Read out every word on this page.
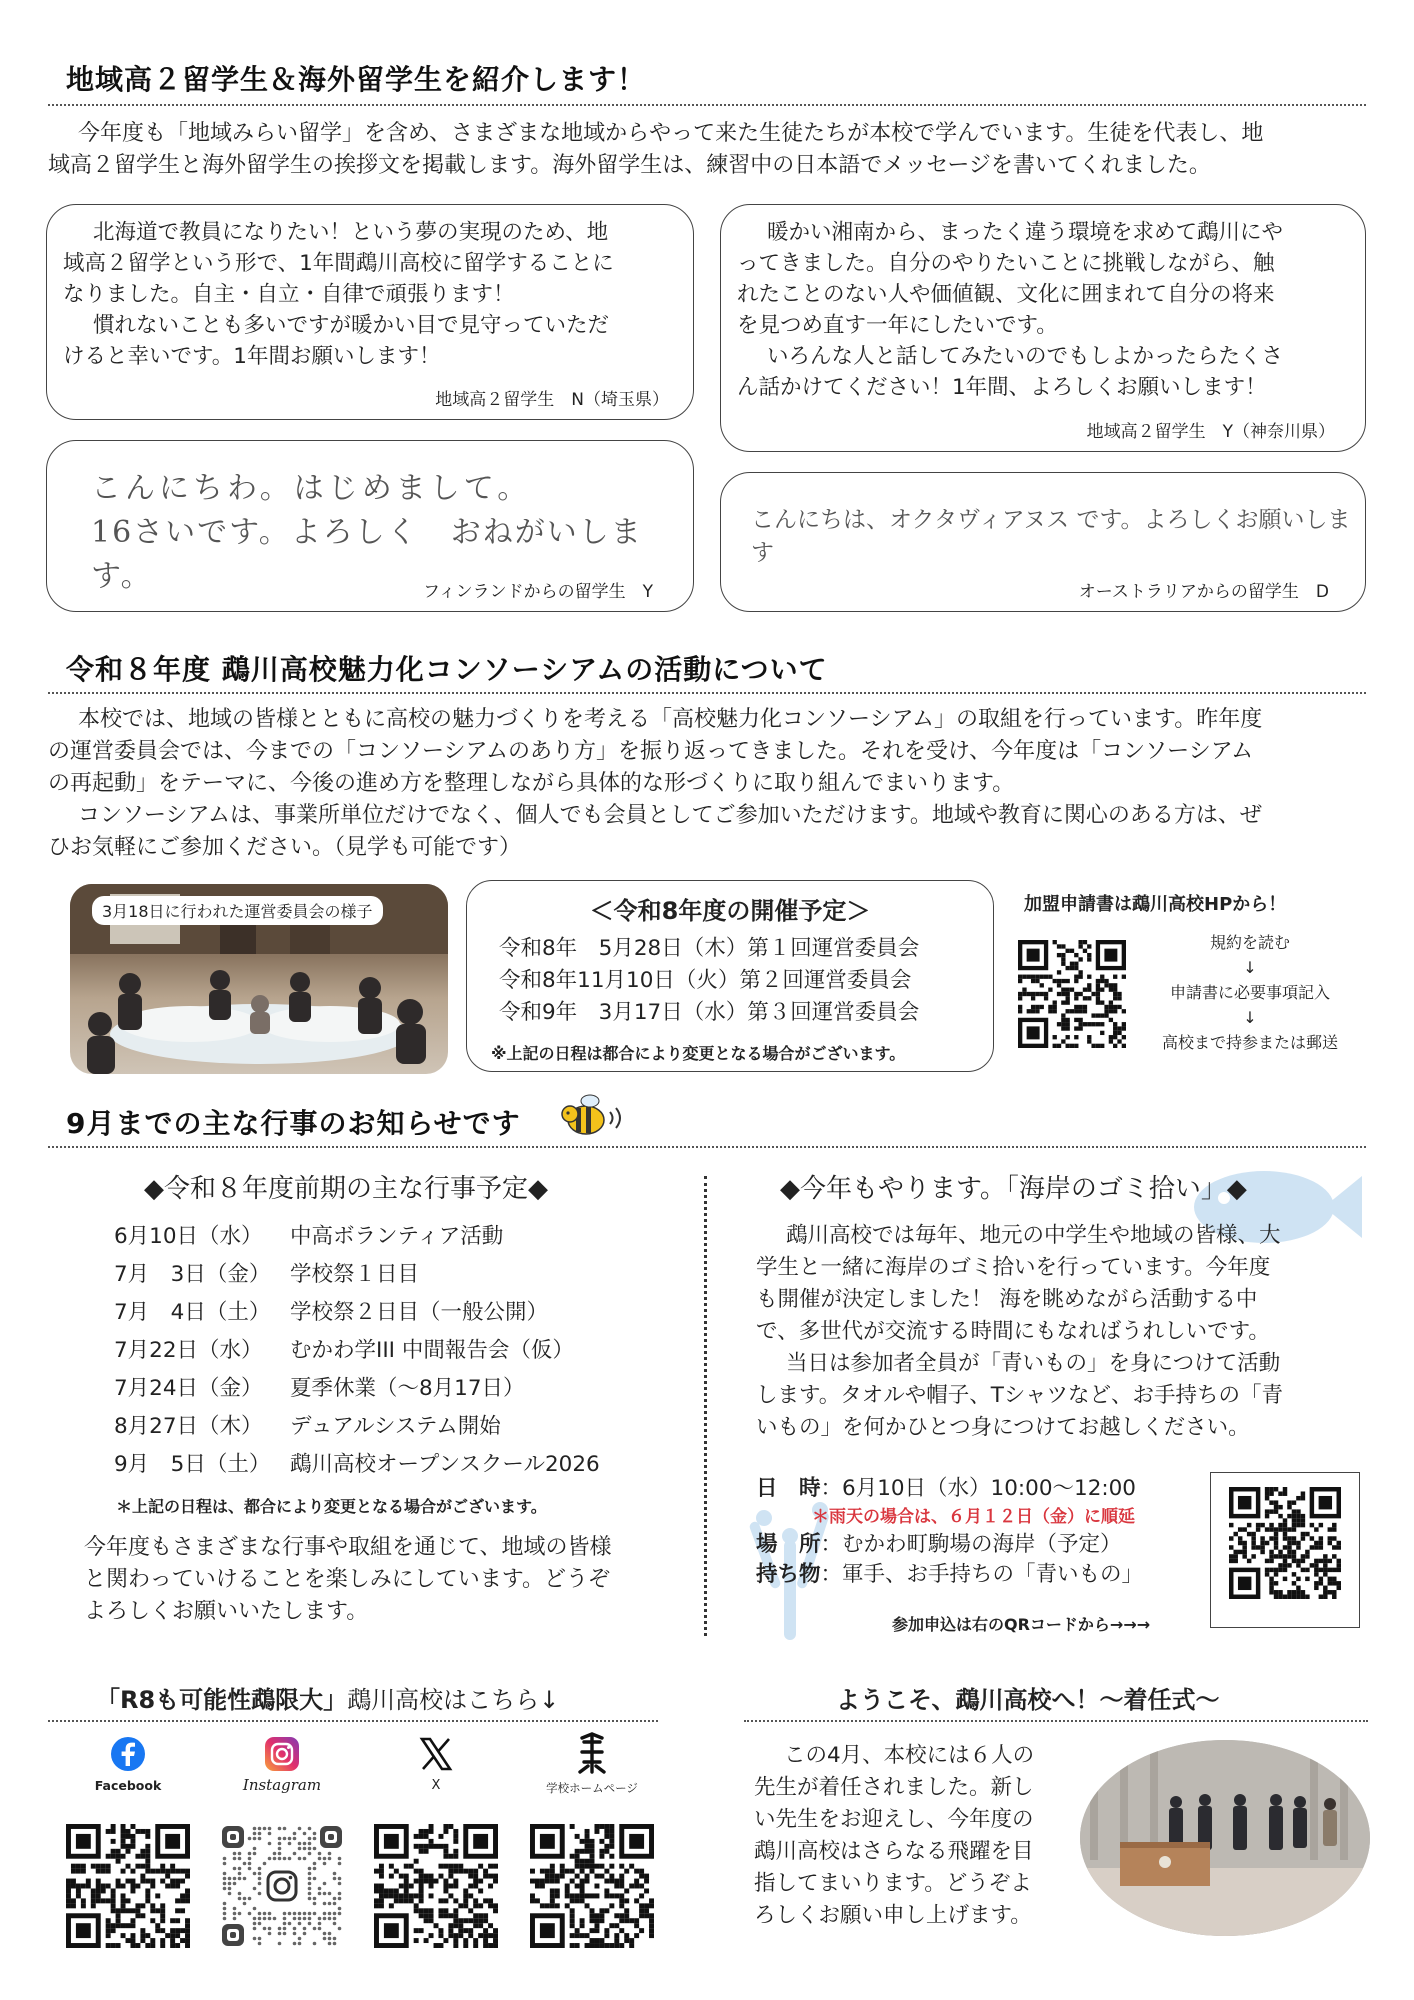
地域高２留学生＆海外留学生を紹介します！
今年度も「地域みらい留学」を含め、さまざまな地域からやって来た生徒たちが本校で学んでいます。生徒を代表し、地
域高２留学生と海外留学生の挨拶文を掲載します。海外留学生は、練習中の日本語でメッセージを書いてくれました。
北海道で教員になりたい！という夢の実現のため、地
域高２留学という形で、1年間鵡川高校に留学することに
なりました。自主・自立・自律で頑張ります！
慣れないことも多いですが暖かい目で見守っていただ
けると幸いです。1年間お願いします！
地域高２留学生　N（埼玉県）
暖かい湘南から、まったく違う環境を求めて鵡川にや
ってきました。自分のやりたいことに挑戦しながら、触
れたことのない人や価値観、文化に囲まれて自分の将来
を見つめ直す一年にしたいです。
いろんな人と話してみたいのでもしよかったらたくさ
ん話かけてください！1年間、よろしくお願いします！
地域高２留学生　Y（神奈川県）
こんにちわ。はじめまして。
16さいです。よろしく　おねがいします。	フィンランドからの留学生　Y
こんにちは、オクタヴィアヌス です。よろしくお願いします
オーストラリアからの留学生　D
令和８年度 鵡川高校魅力化コンソーシアムの活動について
本校では、地域の皆様とともに高校の魅力づくりを考える「高校魅力化コンソーシアム」の取組を行っています。昨年度
の運営委員会では、今までの「コンソーシアムのあり方」を振り返ってきました。それを受け、今年度は「コンソーシアム
の再起動」をテーマに、今後の進め方を整理しながら具体的な形づくりに取り組んでまいります。
コンソーシアムは、事業所単位だけでなく、個人でも会員としてご参加いただけます。地域や教育に関心のある方は、ぜ
ひお気軽にご参加ください。（見学も可能です）
3月18日に行われた運営委員会の様子	＜令和8年度の開催予定＞
令和8年　5月28日（木）第１回運営委員会
令和8年11月10日（火）第２回運営委員会
令和9年　3月17日（水）第３回運営委員会
※上記の日程は都合により変更となる場合がございます。
加盟申請書は鵡川高校HPから！
規約を読む
↓
申請書に必要事項記入
↓
高校まで持参または郵送
9月までの主な行事のお知らせです
◆令和８年度前期の主な行事予定◆
6月10日（水） 中高ボランティア活動
7月　3日（金） 学校祭１日目
7月　4日（土） 学校祭２日目（一般公開）
7月22日（水） むかわ学III 中間報告会（仮）
7月24日（金） 夏季休業（～8月17日）
8月27日（木） デュアルシステム開始
9月　5日（土） 鵡川高校オープンスクール2026
＊上記の日程は、都合により変更となる場合がございます。
今年度もさまざまな行事や取組を通じて、地域の皆様
と関わっていけることを楽しみにしています。どうぞ
よろしくお願いいたします。
◆今年もやります。「海岸のゴミ拾い」◆
鵡川高校では毎年、地元の中学生や地域の皆様、大
学生と一緒に海岸のゴミ拾いを行っています。今年度
も開催が決定しました！ 海を眺めながら活動する中
で、多世代が交流する時間にもなればうれしいです。
当日は参加者全員が「青いもの」を身につけて活動
します。タオルや帽子、Tシャツなど、お手持ちの「青
いもの」を何かひとつ身につけてお越しください。
日　時：6月10日（水）10:00～12:00
＊雨天の場合は、６月１２日（金）に順延
場　所：むかわ町駒場の海岸（予定）
持ち物：軍手、お手持ちの「青いもの」
参加申込は右のQRコードから→→→
「R8も可能性鵡限大」鵡川高校はこちら↓
Facebook	Instagram	X	学校ホームページ
ようこそ、鵡川高校へ！～着任式～
この4月、本校には６人の
先生が着任されました。新し
い先生をお迎えし、今年度の
鵡川高校はさらなる飛躍を目
指してまいります。どうぞよ
ろしくお願い申し上げます。
